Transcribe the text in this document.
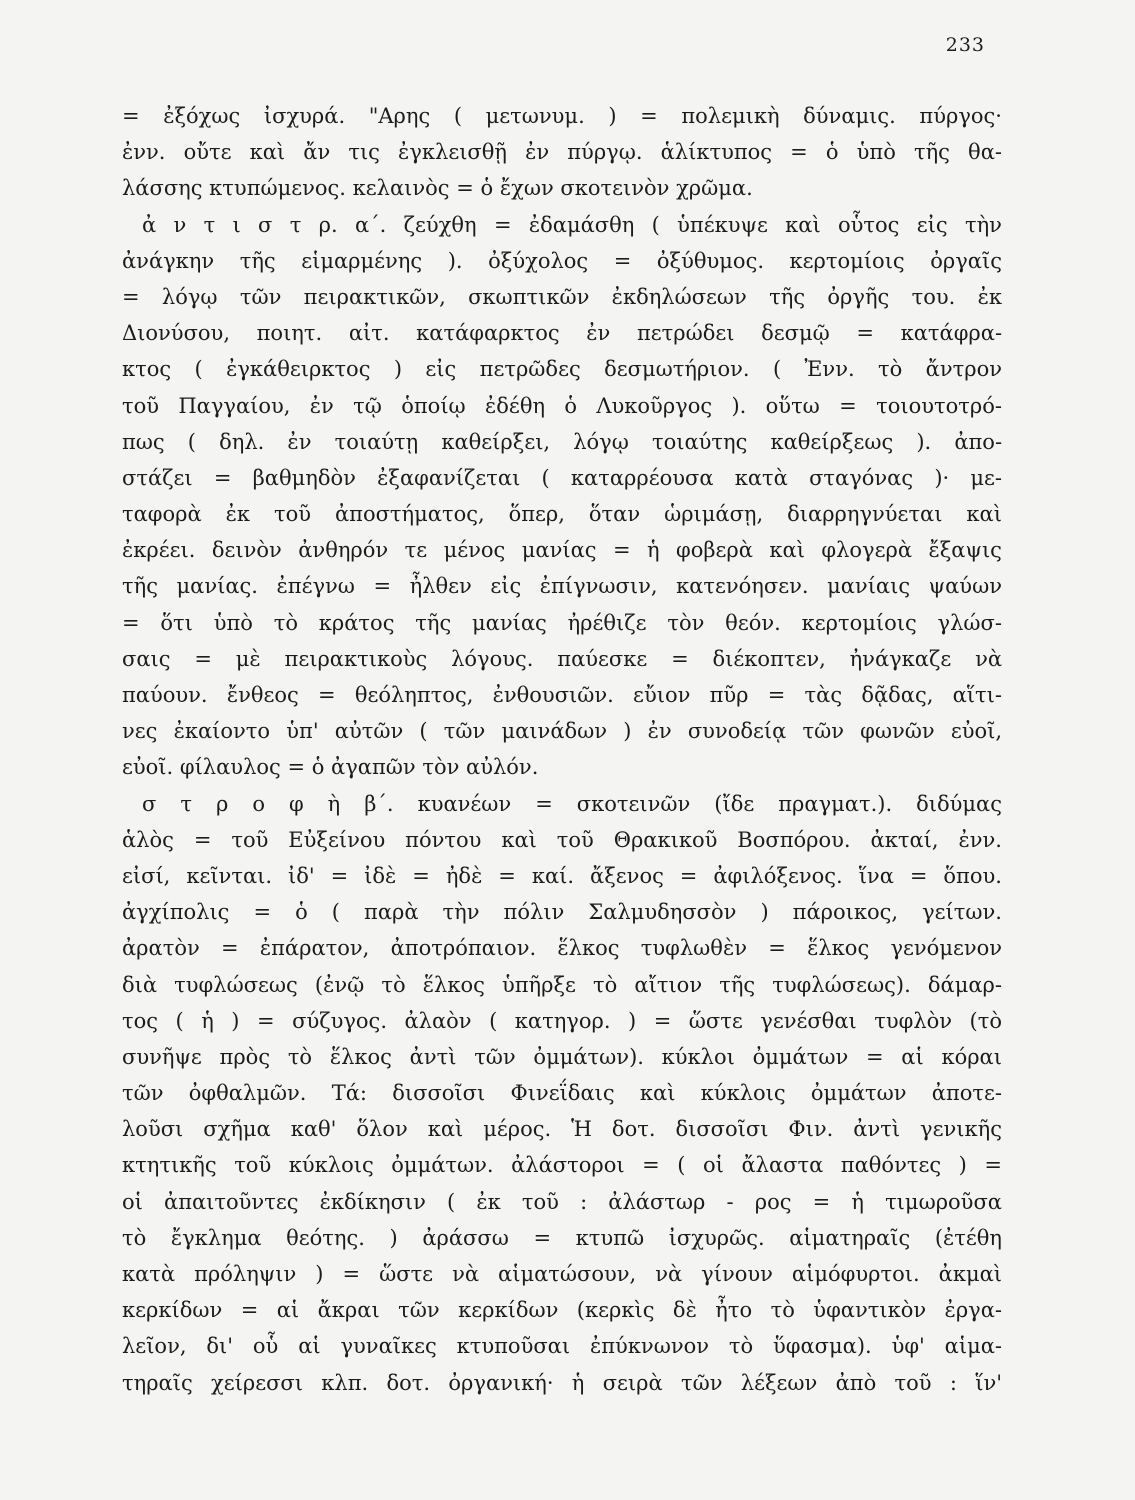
233
= ἐξόχως ἰσχυρά. "Αρης ( μετωνυμ. ) = πολεμικὴ δύναμις. πύργος·
ἐνν. οὔτε καὶ ἄν τις ἐγκλεισθῇ ἐν πύργῳ. ἁλίκτυπος = ὁ ὑπὸ τῆς θα-
λάσσης κτυπώμενος. κελαινὸς = ὁ ἔχων σκοτεινὸν χρῶμα.
ἀ ν τ ι σ τ ρ. α΄. ζεύχθη = ἐδαμάσθη ( ὑπέκυψε καὶ οὗτος εἰς τὴν
ἀνάγκην τῆς εἱμαρμένης ). ὀξύχολος = ὀξύθυμος. κερτομίοις ὀργαῖς
= λόγῳ τῶν πειρακτικῶν, σκωπτικῶν ἐκδηλώσεων τῆς ὀργῆς του. ἐκ
Διονύσου, ποιητ. αἰτ. κατάφαρκτος ἐν πετρώδει δεσμῷ = κατάφρα-
κτος ( ἐγκάθειρκτος ) εἰς πετρῶδες δεσμωτήριον. ( Ἐνν. τὸ ἄντρον
τοῦ Παγγαίου, ἐν τῷ ὁποίῳ ἐδέθη ὁ Λυκοῦργος ). οὕτω = τοιουτοτρό-
πως ( δηλ. ἐν τοιαύτῃ καθείρξει, λόγῳ τοιαύτης καθείρξεως ). ἀπο-
στάζει = βαθμηδὸν ἐξαφανίζεται ( καταρρέουσα κατὰ σταγόνας )· με-
ταφορὰ ἐκ τοῦ ἀποστήματος, ὅπερ, ὅταν ὡριμάσῃ, διαρρηγνύεται καὶ
ἐκρέει. δεινὸν ἀνθηρόν τε μένος μανίας = ἡ φοβερὰ καὶ φλογερὰ ἔξαψις
τῆς μανίας. ἐπέγνω = ἦλθεν εἰς ἐπίγνωσιν, κατενόησεν. μανίαις ψαύων
= ὅτι ὑπὸ τὸ κράτος τῆς μανίας ἠρέθιζε τὸν θεόν. κερτομίοις γλώσ-
σαις = μὲ πειρακτικοὺς λόγους. παύεσκε = διέκοπτεν, ἠνάγκαζε νὰ
παύουν. ἔνθεος = θεόληπτος, ἐνθουσιῶν. εὔιον πῦρ = τὰς δᾷδας, αἵτι-
νες ἐκαίοντο ὑπ' αὐτῶν ( τῶν μαινάδων ) ἐν συνοδείᾳ τῶν φωνῶν εὐοῖ,
εὐοῖ. φίλαυλος = ὁ ἀγαπῶν τὸν αὐλόν.
σ τ ρ ο φ ὴ β΄. κυανέων = σκοτεινῶν (ἴδε πραγματ.). διδύμας
ἁλὸς = τοῦ Εὐξείνου πόντου καὶ τοῦ Θρακικοῦ Βοσπόρου. ἀκταί, ἐνν.
εἰσί, κεῖνται. ἰδ' = ἰδὲ = ἠδὲ = καί. ἄξενος = ἀφιλόξενος. ἵνα = ὅπου.
ἀγχίπολις = ὁ ( παρὰ τὴν πόλιν Σαλμυδησσὸν ) πάροικος, γείτων.
ἀρατὸν = ἐπάρατον, ἀποτρόπαιον. ἕλκος τυφλωθὲν = ἕλκος γενόμενον
διὰ τυφλώσεως (ἐνῷ τὸ ἕλκος ὑπῆρξε τὸ αἴτιον τῆς τυφλώσεως). δάμαρ-
τος ( ἡ ) = σύζυγος. ἀλαὸν ( κατηγορ. ) = ὥστε γενέσθαι τυφλὸν (τὸ
συνῆψε πρὸς τὸ ἕλκος ἀντὶ τῶν ὀμμάτων). κύκλοι ὀμμάτων = αἱ κόραι
τῶν ὀφθαλμῶν. Τά: δισσοῖσι Φινεΐδαις καὶ κύκλοις ὀμμάτων ἀποτε-
λοῦσι σχῆμα καθ' ὅλον καὶ μέρος. Ἡ δοτ. δισσοῖσι Φιν. ἀντὶ γενικῆς
κτητικῆς τοῦ κύκλοις ὀμμάτων. ἀλάστοροι = ( οἱ ἄλαστα παθόντες ) =
οἱ ἀπαιτοῦντες ἐκδίκησιν ( ἐκ τοῦ : ἀλάστωρ - ρος = ἡ τιμωροῦσα
τὸ ἔγκλημα θεότης. ) ἀράσσω = κτυπῶ ἰσχυρῶς. αἱματηραῖς (ἐτέθη
κατὰ πρόληψιν ) = ὥστε νὰ αἱματώσουν, νὰ γίνουν αἱμόφυρτοι. ἀκμαὶ
κερκίδων = αἱ ἄκραι τῶν κερκίδων (κερκὶς δὲ ἦτο τὸ ὑφαντικὸν ἐργα-
λεῖον, δι' οὗ αἱ γυναῖκες κτυποῦσαι ἐπύκνωνον τὸ ὕφασμα). ὑφ' αἱμα-
τηραῖς χείρεσσι κλπ. δοτ. ὀργανική· ἡ σειρὰ τῶν λέξεων ἀπὸ τοῦ : ἵν'
